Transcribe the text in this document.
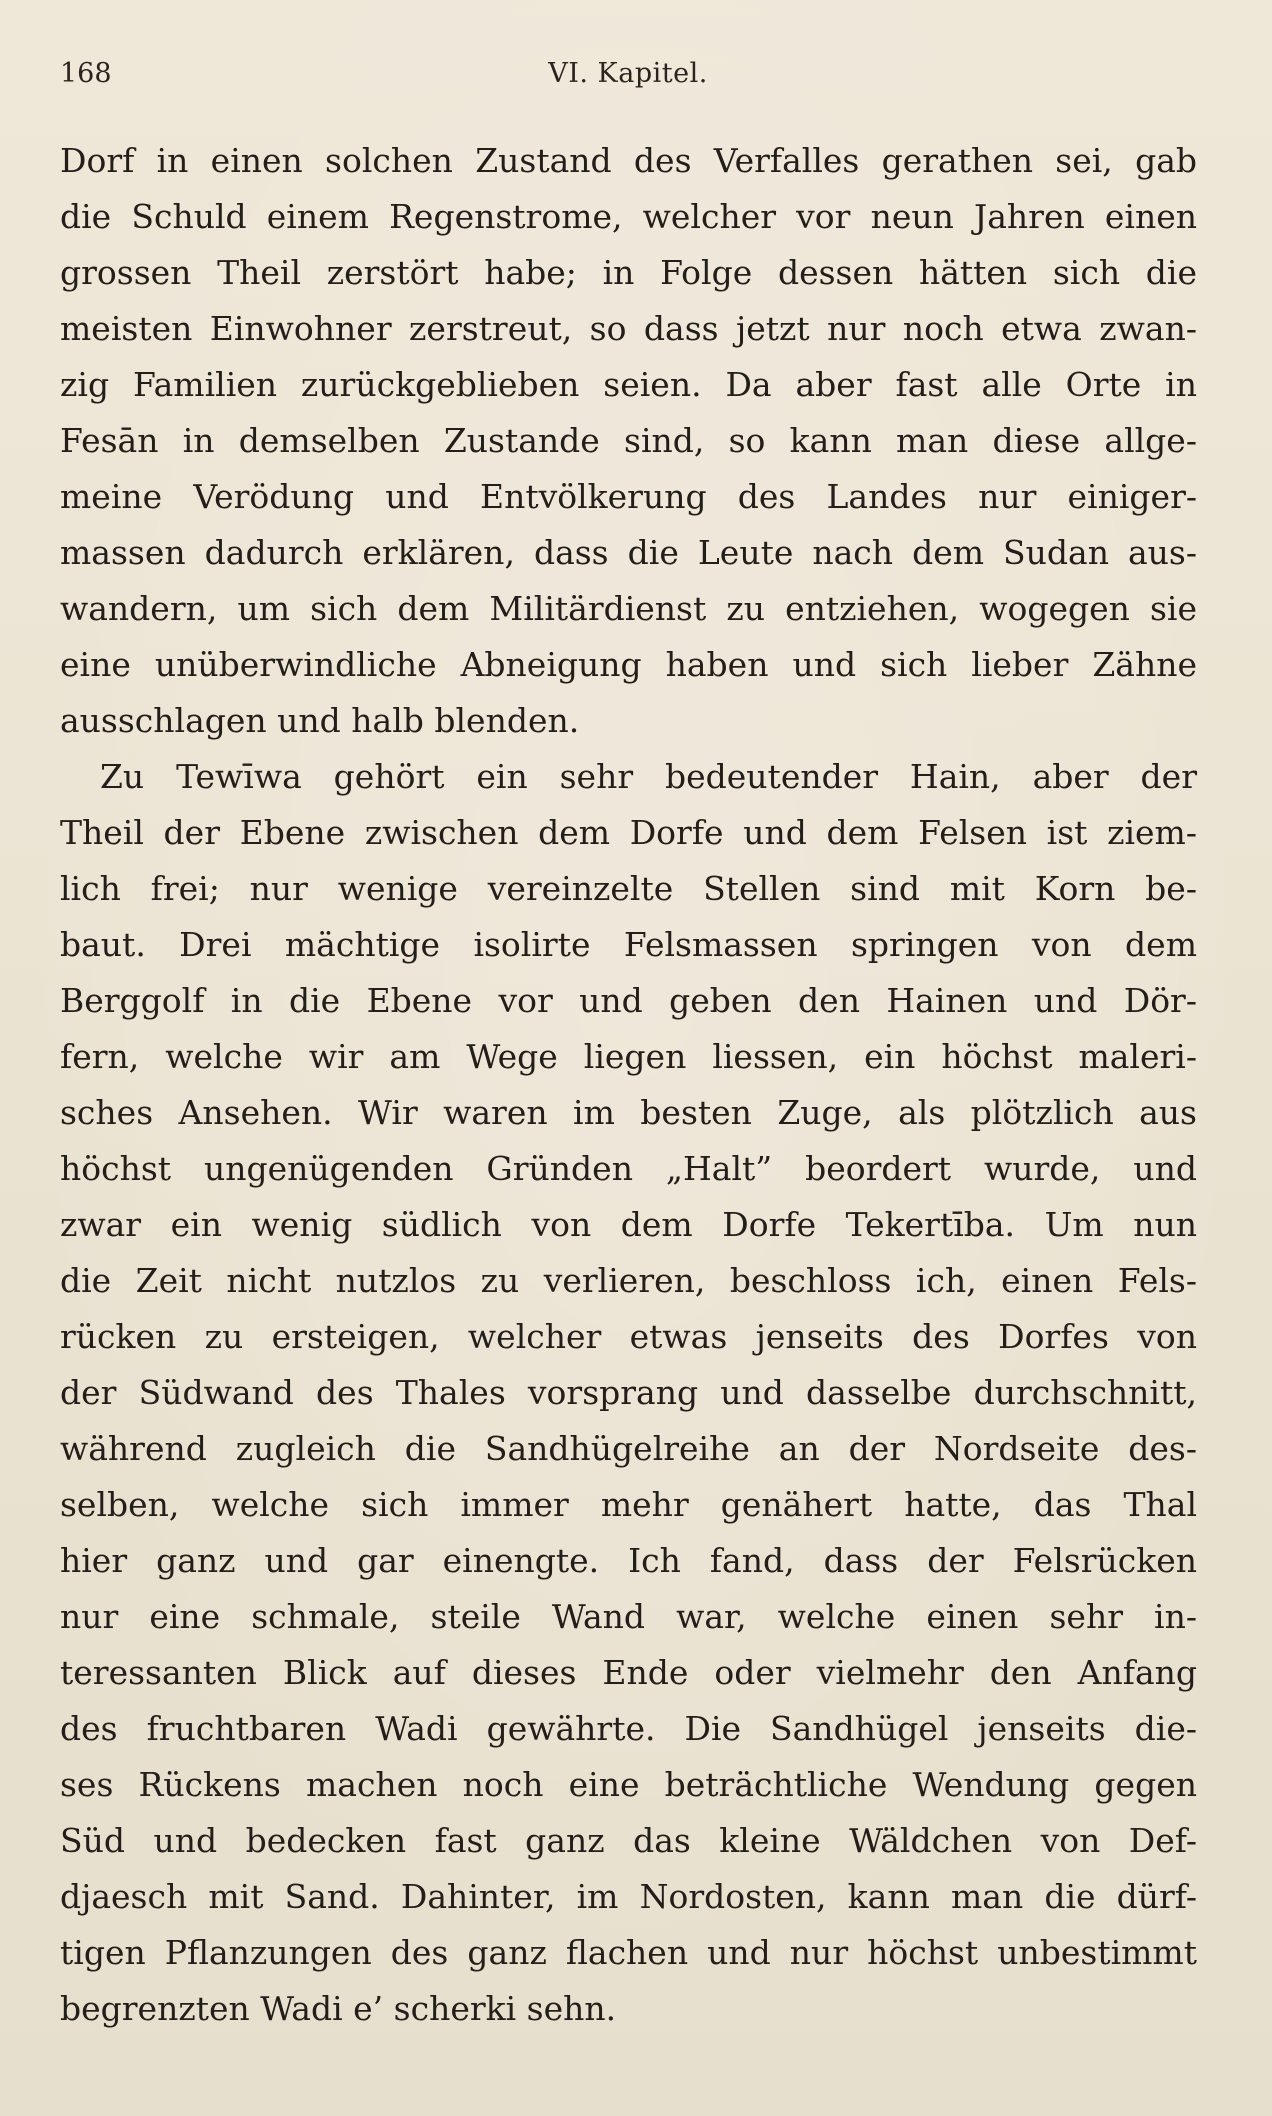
168	VI. Kapitel.
Dorf in einen solchen Zustand des Verfalles gerathen sei, gab
die Schuld einem Regenstrome, welcher vor neun Jahren einen
grossen Theil zerstört habe; in Folge dessen hätten sich die
meisten Einwohner zerstreut, so dass jetzt nur noch etwa zwan-
zig Familien zurückgeblieben seien. Da aber fast alle Orte in
Fesān in demselben Zustande sind, so kann man diese allge-
meine Verödung und Entvölkerung des Landes nur einiger-
massen dadurch erklären, dass die Leute nach dem Sudan aus-
wandern, um sich dem Militärdienst zu entziehen, wogegen sie
eine unüberwindliche Abneigung haben und sich lieber Zähne
ausschlagen und halb blenden.
Zu Tewīwa gehört ein sehr bedeutender Hain, aber der
Theil der Ebene zwischen dem Dorfe und dem Felsen ist ziem-
lich frei; nur wenige vereinzelte Stellen sind mit Korn be-
baut. Drei mächtige isolirte Felsmassen springen von dem
Berggolf in die Ebene vor und geben den Hainen und Dör-
fern, welche wir am Wege liegen liessen, ein höchst maleri-
sches Ansehen. Wir waren im besten Zuge, als plötzlich aus
höchst ungenügenden Gründen „Halt” beordert wurde, und
zwar ein wenig südlich von dem Dorfe Tekertība. Um nun
die Zeit nicht nutzlos zu verlieren, beschloss ich, einen Fels-
rücken zu ersteigen, welcher etwas jenseits des Dorfes von
der Südwand des Thales vorsprang und dasselbe durchschnitt,
während zugleich die Sandhügelreihe an der Nordseite des-
selben, welche sich immer mehr genähert hatte, das Thal
hier ganz und gar einengte. Ich fand, dass der Felsrücken
nur eine schmale, steile Wand war, welche einen sehr in-
teressanten Blick auf dieses Ende oder vielmehr den Anfang
des fruchtbaren Wadi gewährte. Die Sandhügel jenseits die-
ses Rückens machen noch eine beträchtliche Wendung gegen
Süd und bedecken fast ganz das kleine Wäldchen von Def-
djaesch mit Sand. Dahinter, im Nordosten, kann man die dürf-
tigen Pflanzungen des ganz flachen und nur höchst unbestimmt
begrenzten Wadi e’ scherki sehn.
